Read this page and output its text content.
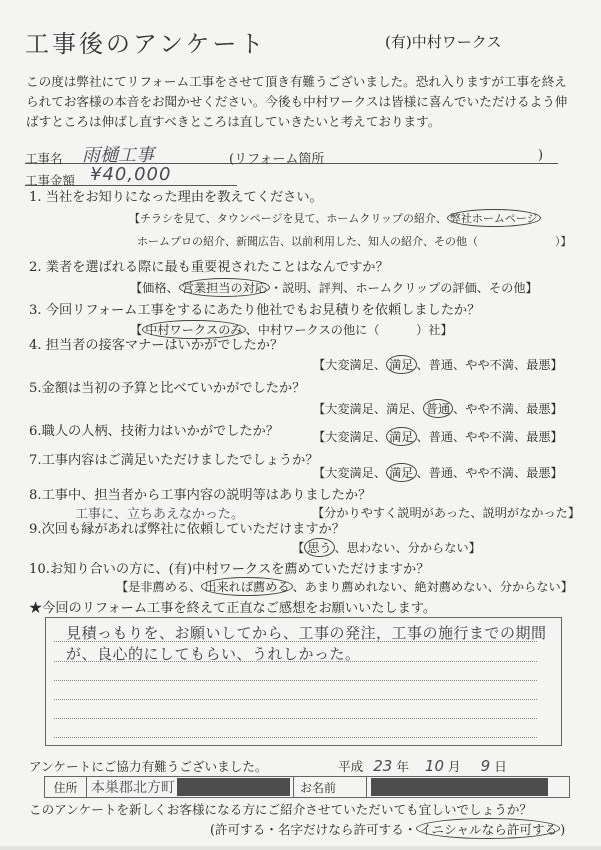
工事後のアンケート	(有)中村ワークス
この度は弊社にてリフォーム工事をさせて頂き有難うございました。恐れ入りますが工事を終え
られてお客様の本音をお聞かせください。今後も中村ワークスは皆様に喜んでいただけるよう伸
ばすところは伸ばし直すべきところは直していきたいと考えております。
工事名 雨樋工事	(リフォーム箇所	)
工事金額 ¥40,000
1. 当社をお知りになった理由を教えてください。
【チラシを見て、タウンページを見て、ホームクリップの紹介、 弊社ホームページ
ホームプロの紹介、新聞広告、以前利用した、知人の紹介、その他（　　　　　　　）】
2. 業者を選ばれる際に最も重要視されたことはなんですか？
【価格、 営業担当の対応 ・説明、評判、ホームクリップの評価、その他】
3. 今回リフォーム工事をするにあたり他社でもお見積りを依頼しましたか？
【 中村ワークスのみ 、中村ワークスの他に（　　　）社】
4. 担当者の接客マナーはいかがでしたか？
【大変満足、 満足 、普通、やや不満、最悪】
5.金額は当初の予算と比べていかがでしたか？
【大変満足、満足、 普通 、やや不満、最悪】
6.職人の人柄、技術力はいかがでしたか？	【大変満足、 満足 、普通、やや不満、最悪】
7.工事内容はご満足いただけましたでしょうか？
【大変満足、 満足 、普通、やや不満、最悪】
8.工事中、担当者から工事内容の説明等はありましたか？
工事に、立ちあえなかった。	【分かりやすく説明があった、説明がなかった】
9.次回も縁があれば弊社に依頼していただけますか？
【 思う 、思わない、分からない】
10.お知り合いの方に、(有)中村ワークスを薦めていただけますか？
【是非薦める、 出来れば薦める 、あまり薦めれない、絶対薦めない、分からない】
★今回のリフォーム工事を終えて正直なご感想をお願いいたします。
見積っもりを、お願いしてから、工事の発注，工事の施行までの期間
が、良心的にしてもらい、うれしかった。
アンケートにご協力有難うございました。	平成 23 年 10 月 9 日
住所 本巣郡北方町	お名前
このアンケートを新しくお客様になる方にご紹介させていただいても宜しいでしょうか？
(許可する・名字だけなら許可する・ イニシャルなら許可する )
